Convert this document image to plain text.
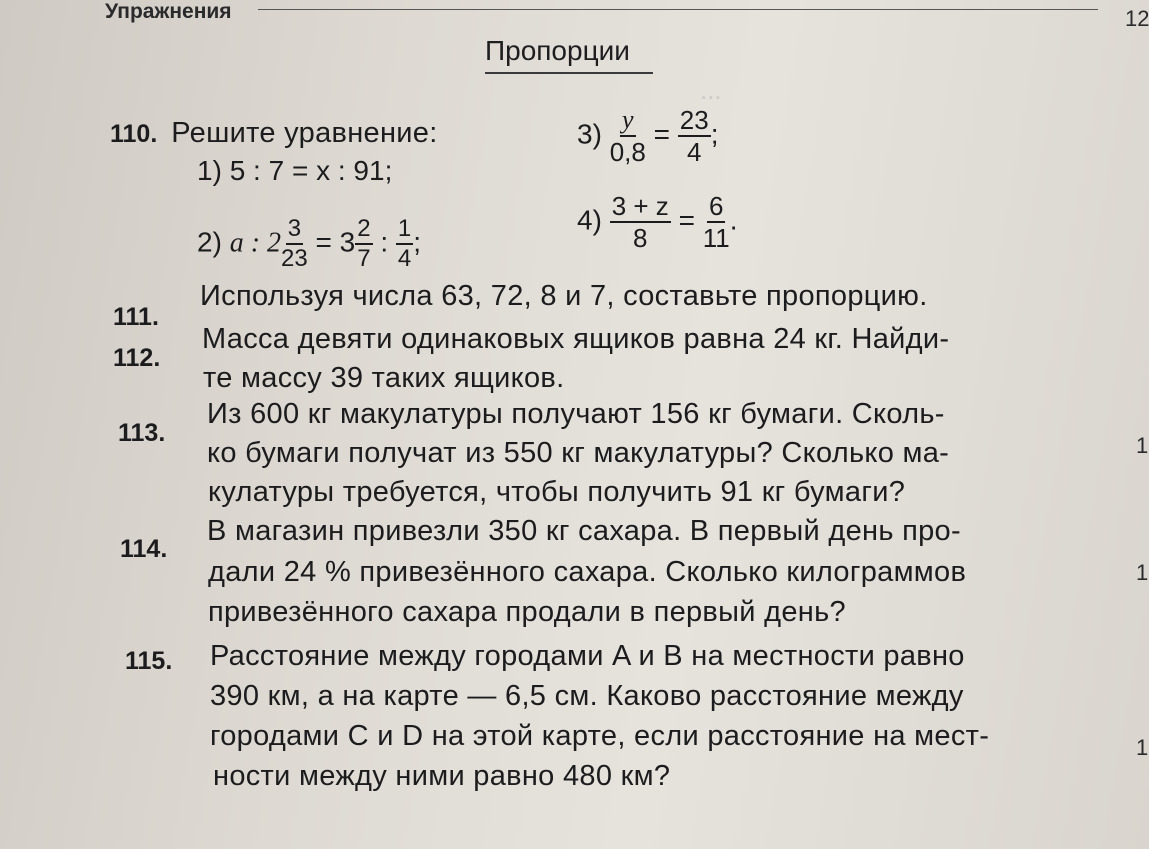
...
Упражнения	12
Пропорции
110. Решите уравнение:
1) 5 : 7 = x : 91;
2) a : $2 \frac{3}{23} = 3 \frac{2}{7}$ : $\frac{1}{4}$ ;
$3) \frac{y}{0,8} = \frac{23}{4}$ ;
$4) \frac{3 + z}{8} = \frac{6}{11}$ .
111.
Используя числа 63, 72, 8 и 7, составьте пропорцию.
112.
Масса девяти одинаковых ящиков равна 24 кг. Найди-
те массу 39 таких ящиков.
113.
Из 600 кг макулатуры получают 156 кг бумаги. Сколь-
ко бумаги получат из 550 кг макулатуры? Сколько ма-
кулатуры требуется, чтобы получить 91 кг бумаги?
114.
В магазин привезли 350 кг сахара. В первый день про-
дали 24 % привезённого сахара. Сколько килограммов
привезённого сахара продали в первый день?
115. Расстояние между городами A и B на местности равно
390 км, а на карте — 6,5 см. Каково расстояние между
городами C и D на этой карте, если расстояние на мест-
ности между ними равно 480 км?
1
1
1
